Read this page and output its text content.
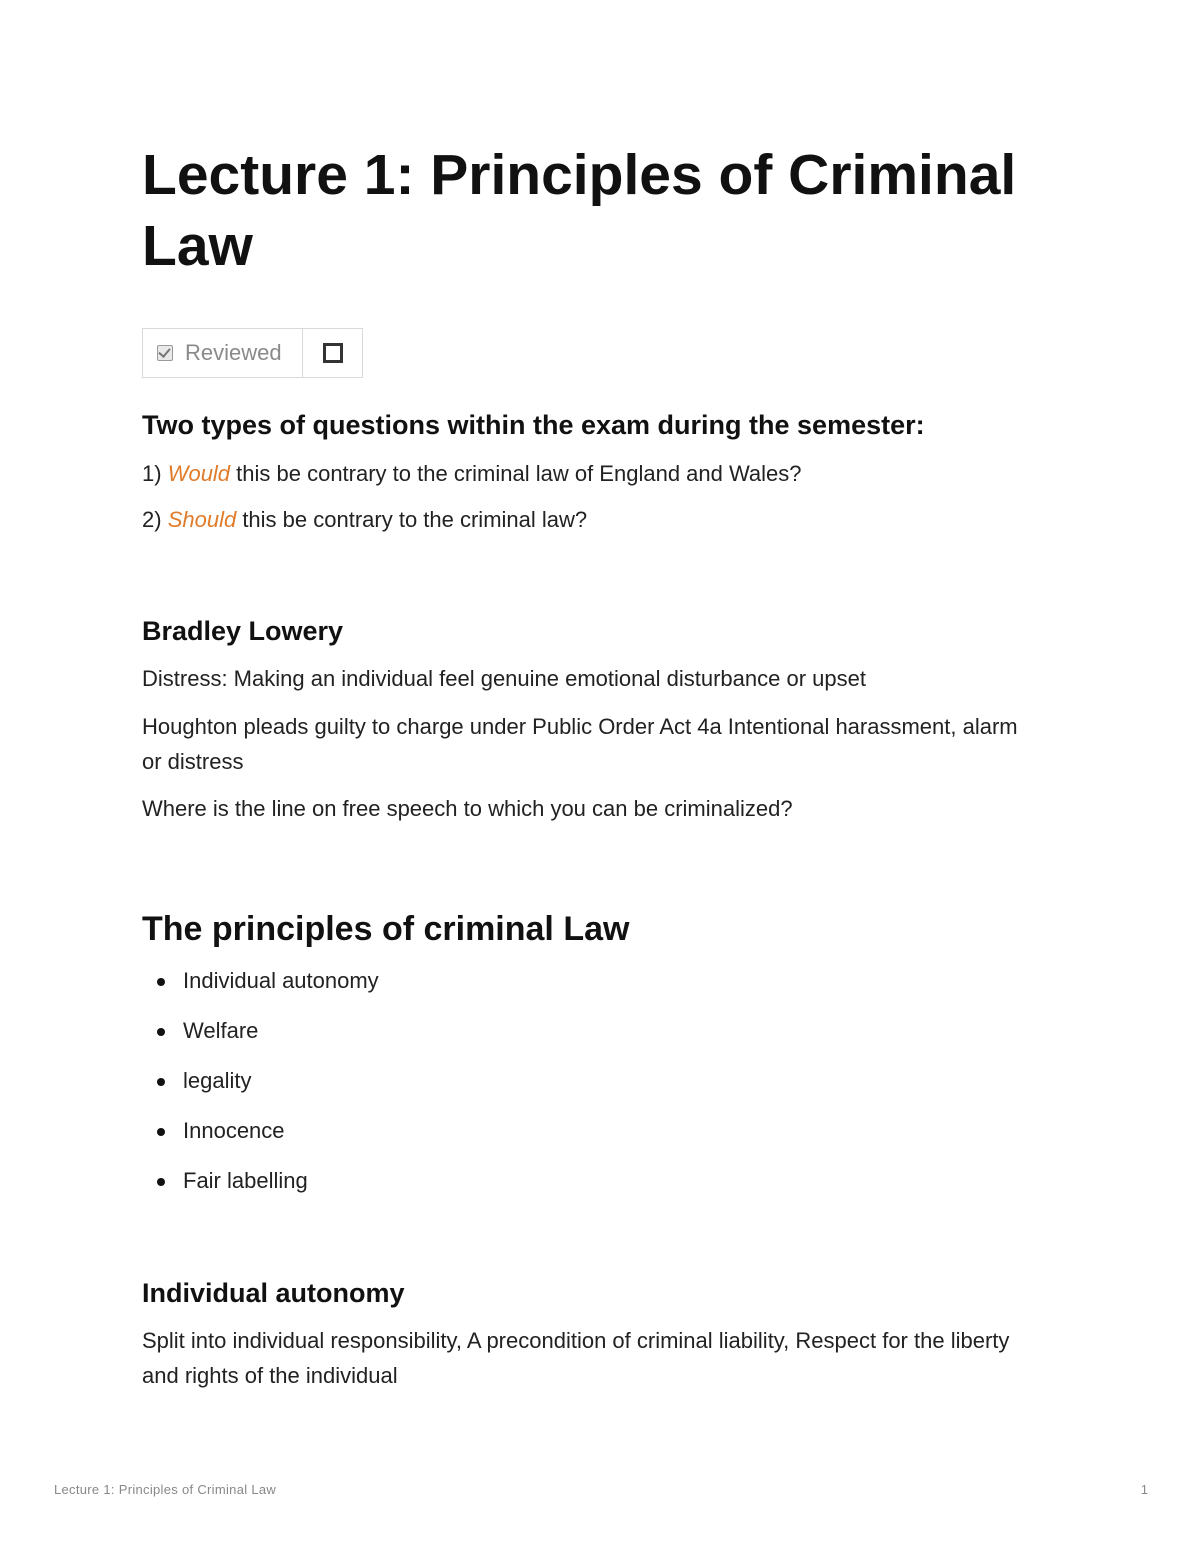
Lecture 1: Principles of Criminal Law
Reviewed
Two types of questions within the exam during the semester:

1) Would this be contrary to the criminal law of England and Wales?

2) Should this be contrary to the criminal law?

Bradley Lowery

Distress: Making an individual feel genuine emotional disturbance or upset

Houghton pleads guilty to charge under Public Order Act 4a Intentional harassment, alarm or distress

Where is the line on free speech to which you can be criminalized?

The principles of criminal Law
Individual autonomy
Welfare
legality
Innocence
Fair labelling
Individual autonomy

Split into individual responsibility, A precondition of criminal liability, Respect for the liberty and rights of the individual

Lecture 1: Principles of Criminal Law	1
